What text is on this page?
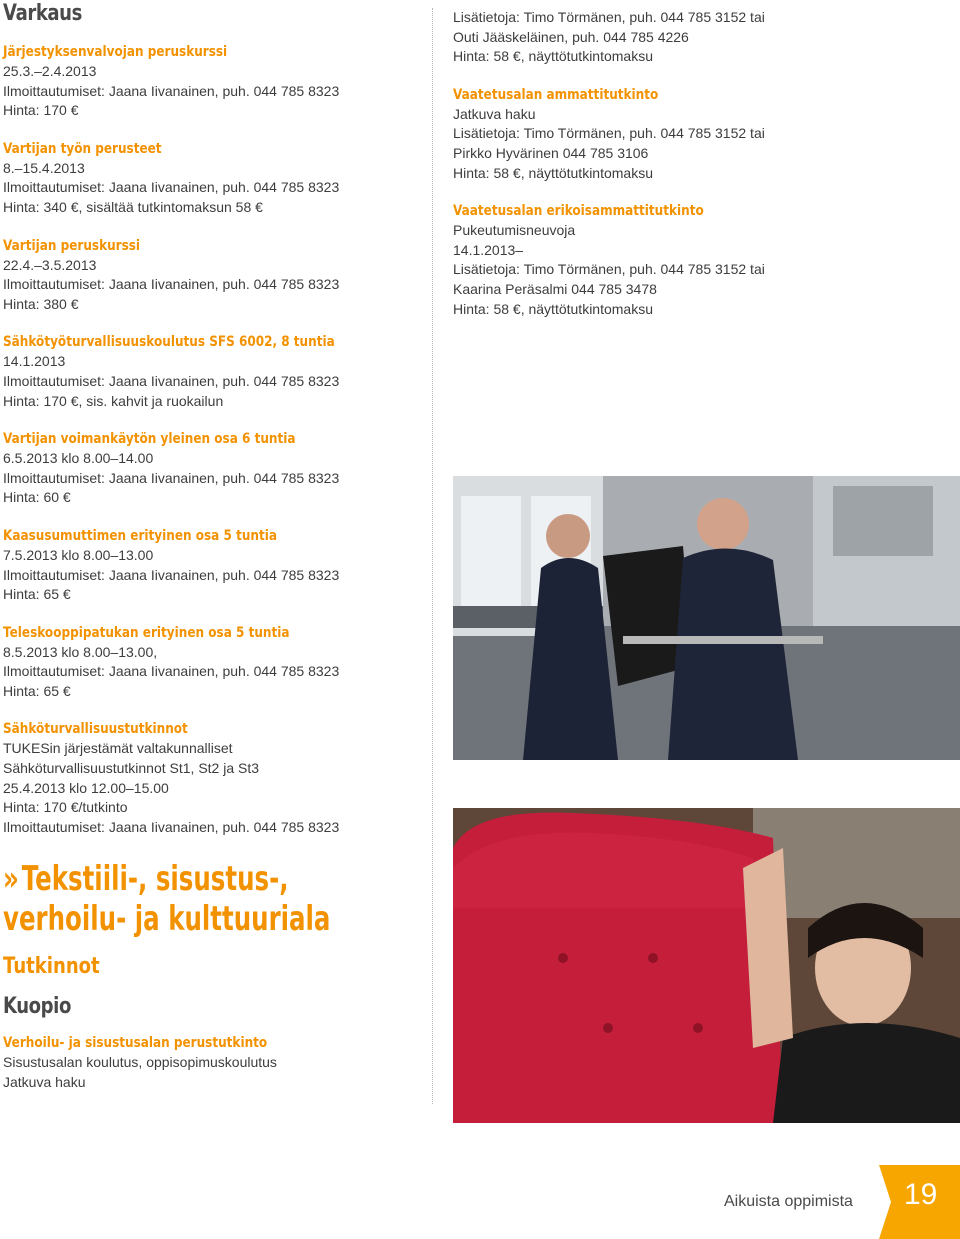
Varkaus
Järjestyksenvalvojan peruskurssi
25.3.–2.4.2013
Ilmoittautumiset: Jaana Iivanainen, puh. 044 785 8323
Hinta: 170 €
Vartijan työn perusteet
8.–15.4.2013
Ilmoittautumiset: Jaana Iivanainen, puh. 044 785 8323
Hinta: 340 €, sisältää tutkintomaksun 58 €
Vartijan peruskurssi
22.4.–3.5.2013
Ilmoittautumiset: Jaana Iivanainen, puh. 044 785 8323
Hinta: 380 €
Sähkötyöturvallisuuskoulutus SFS 6002, 8 tuntia
14.1.2013
Ilmoittautumiset: Jaana Iivanainen, puh. 044 785 8323
Hinta: 170 €, sis. kahvit ja ruokailun
Vartijan voimankäytön yleinen osa 6 tuntia
6.5.2013 klo 8.00–14.00
Ilmoittautumiset: Jaana Iivanainen, puh. 044 785 8323
Hinta: 60 €
Kaasusumuttimen erityinen osa 5 tuntia
7.5.2013 klo 8.00–13.00
Ilmoittautumiset: Jaana Iivanainen, puh. 044 785 8323
Hinta: 65 €
Teleskooppipatukan erityinen osa 5 tuntia
8.5.2013 klo 8.00–13.00,
Ilmoittautumiset: Jaana Iivanainen, puh. 044 785 8323
Hinta: 65 €
Sähköturvallisuustutkinnot
TUKESin järjestämät valtakunnalliset
Sähköturvallisuustutkinnot St1, St2 ja St3
25.4.2013 klo 12.00–15.00
Hinta: 170 €/tutkinto
Ilmoittautumiset: Jaana Iivanainen, puh. 044 785 8323
» Tekstiili-, sisustus-,
verhoilu- ja kulttuuriala
Tutkinnot
Kuopio
Verhoilu- ja sisustusalan perustutkinto
Sisustusalan koulutus, oppisopimuskoulutus
Jatkuva haku
Lisätietoja: Timo Törmänen, puh. 044 785 3152 tai
Outi Jääskeläinen, puh. 044 785 4226
Hinta: 58 €, näyttötutkintomaksu
Vaatetusalan ammattitutkinto
Jatkuva haku
Lisätietoja: Timo Törmänen, puh. 044 785 3152 tai
Pirkko Hyvärinen 044 785 3106
Hinta: 58 €, näyttötutkintomaksu
Vaatetusalan erikoisammattitutkinto
Pukeutumisneuvoja
14.1.2013–
Lisätietoja: Timo Törmänen, puh. 044 785 3152 tai
Kaarina Peräsalmi 044 785 3478
Hinta: 58 €, näyttötutkintomaksu
Aikuista oppimista 19
